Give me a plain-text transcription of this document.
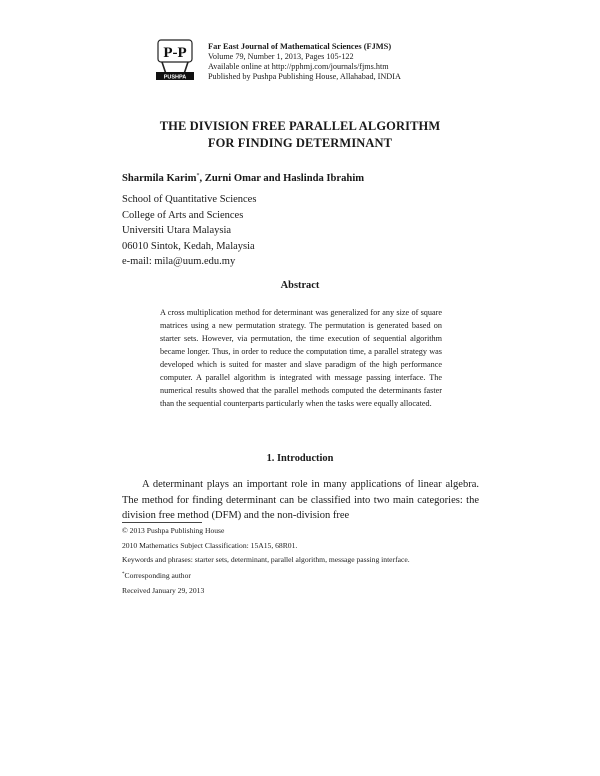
P-P
PUSHPA
Far East Journal of Mathematical Sciences (FJMS)
Volume 79, Number 1, 2013, Pages 105-122
Available online at http://pphmj.com/journals/fjms.htm
Published by Pushpa Publishing House, Allahabad, INDIA
THE DIVISION FREE PARALLEL ALGORITHM
FOR FINDING DETERMINANT
Sharmila Karim*, Zurni Omar and Haslinda Ibrahim
School of Quantitative Sciences
College of Arts and Sciences
Universiti Utara Malaysia
06010 Sintok, Kedah, Malaysia
e-mail: mila@uum.edu.my
Abstract
A cross multiplication method for determinant was generalized for any size of square matrices using a new permutation strategy. The permutation is generated based on starter sets. However, via permutation, the time execution of sequential algorithm became longer. Thus, in order to reduce the computation time, a parallel strategy was developed which is suited for master and slave paradigm of the high performance computer. A parallel algorithm is integrated with message passing interface. The numerical results showed that the parallel methods computed the determinants faster than the sequential counterparts particularly when the tasks were equally allocated.
1. Introduction
A determinant plays an important role in many applications of linear algebra. The method for finding determinant can be classified into two main categories: the division free method (DFM) and the non-division free
© 2013 Pushpa Publishing House
2010 Mathematics Subject Classification: 15A15, 68R01.
Keywords and phrases: starter sets, determinant, parallel algorithm, message passing interface.
*Corresponding author
Received January 29, 2013
